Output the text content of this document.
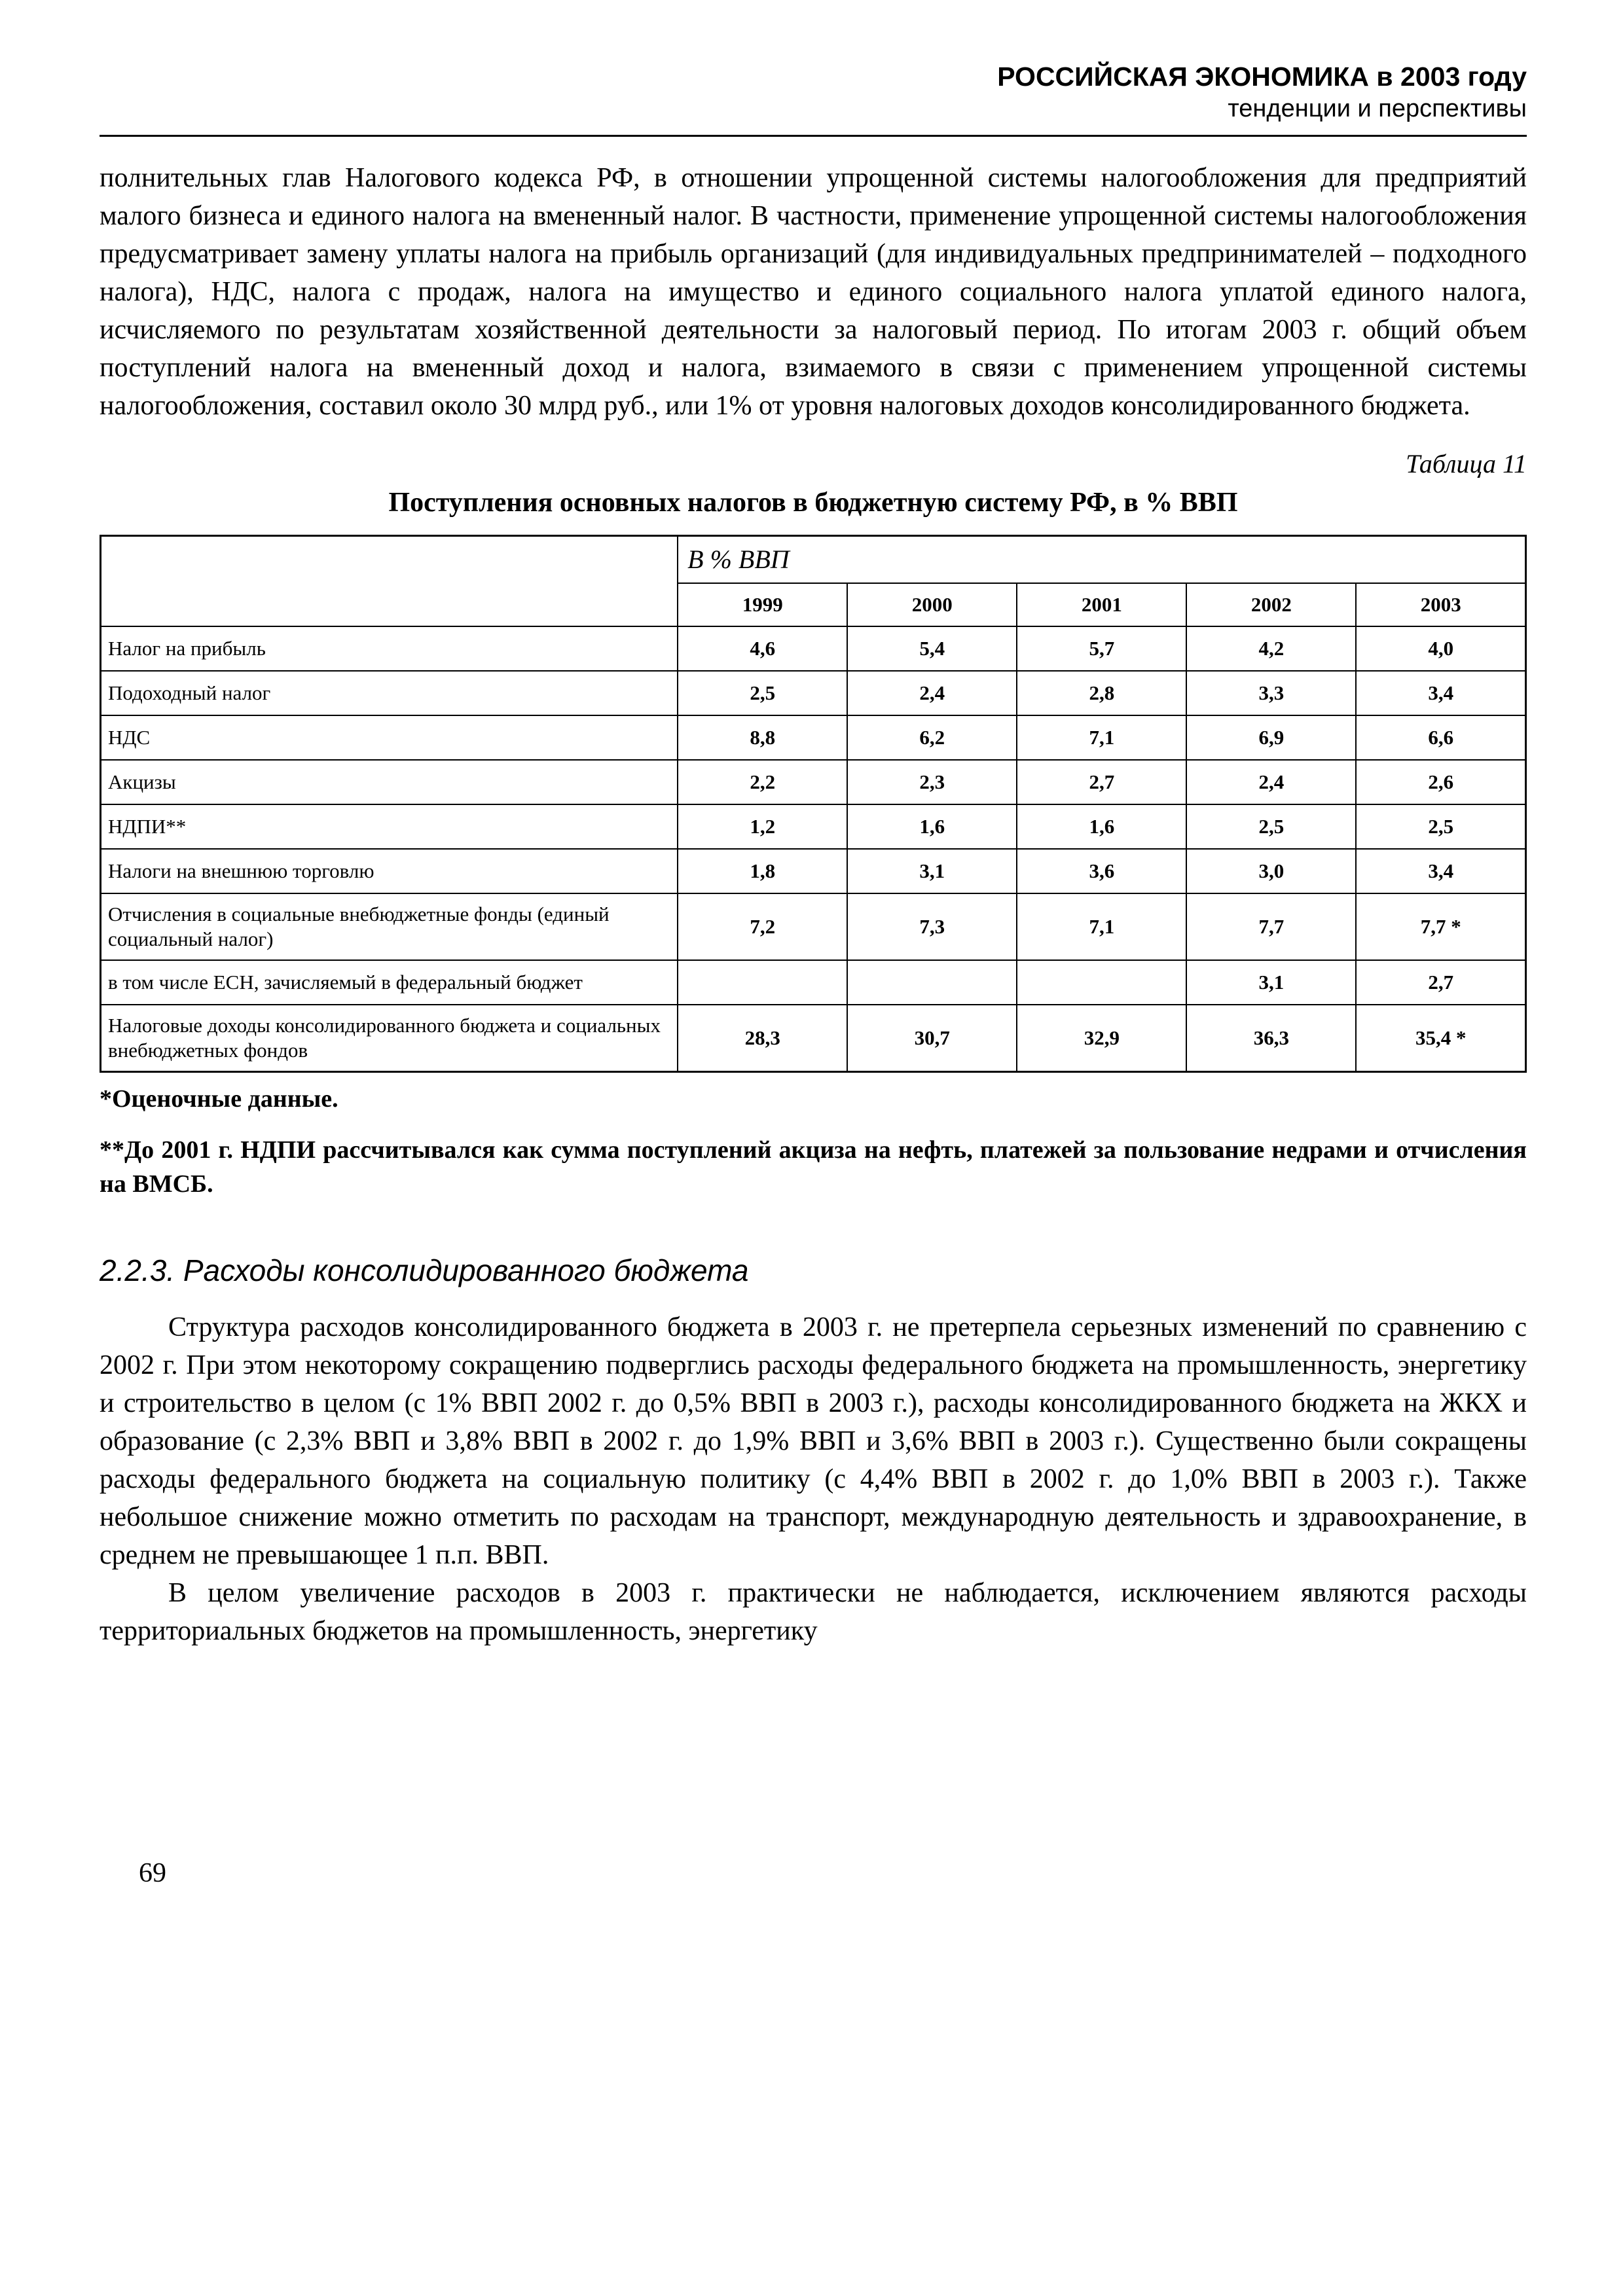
РОССИЙСКАЯ ЭКОНОМИКА в 2003 году
тенденции и перспективы

полнительных глав Налогового кодекса РФ, в отношении упрощенной системы налогообложения для предприятий малого бизнеса и единого налога на вмененный налог. В частности, применение упрощенной системы налогообложения предусматривает замену уплаты налога на прибыль организаций (для индивидуальных предпринимателей – подходного налога), НДС, налога с продаж, налога на имущество и единого социального налога уплатой единого налога, исчисляемого по результатам хозяйственной деятельности за налоговый период. По итогам 2003 г. общий объем поступлений налога на вмененный доход и налога, взимаемого в связи с применением упрощенной системы налогообложения, составил около 30 млрд руб., или 1% от уровня налоговых доходов консолидированного бюджета.

Таблица 11
Поступления основных налогов в бюджетную систему РФ, в % ВВП
	В % ВВП				
	1999	2000	2001	2002	2003
Налог на прибыль	4,6	5,4	5,7	4,2	4,0
Подоходный налог	2,5	2,4	2,8	3,3	3,4
НДС	8,8	6,2	7,1	6,9	6,6
Акцизы	2,2	2,3	2,7	2,4	2,6
НДПИ**	1,2	1,6	1,6	2,5	2,5
Налоги на внешнюю торговлю	1,8	3,1	3,6	3,0	3,4
Отчисления в социальные внебюджетные фонды (единый социальный налог)	7,2	7,3	7,1	7,7	7,7 *
в том числе ЕСН, зачисляемый в федеральный бюджет				3,1	2,7
Налоговые доходы консолидированного бюджета и социальных внебюджетных фондов	28,3	30,7	32,9	36,3	35,4 *

*Оценочные данные.

**До 2001 г. НДПИ рассчитывался как сумма поступлений акциза на нефть, платежей за пользование недрами и отчисления на ВМСБ.

2.2.3. Расходы консолидированного бюджета

Структура расходов консолидированного бюджета в 2003 г. не претерпела серьезных изменений по сравнению с 2002 г. При этом некоторому сокращению подверглись расходы федерального бюджета на промышленность, энергетику и строительство в целом (с 1% ВВП 2002 г. до 0,5% ВВП в 2003 г.), расходы консолидированного бюджета на ЖКХ и образование (с 2,3% ВВП и 3,8% ВВП в 2002 г. до 1,9% ВВП и 3,6% ВВП в 2003 г.). Существенно были сокращены расходы федерального бюджета на социальную политику (с 4,4% ВВП в 2002 г. до 1,0% ВВП в 2003 г.). Также небольшое снижение можно отметить по расходам на транспорт, международную деятельность и здравоохранение, в среднем не превышающее 1 п.п. ВВП.

В целом увеличение расходов в 2003 г. практически не наблюдается, исключением являются расходы территориальных бюджетов на промышленность, энергетику

69
